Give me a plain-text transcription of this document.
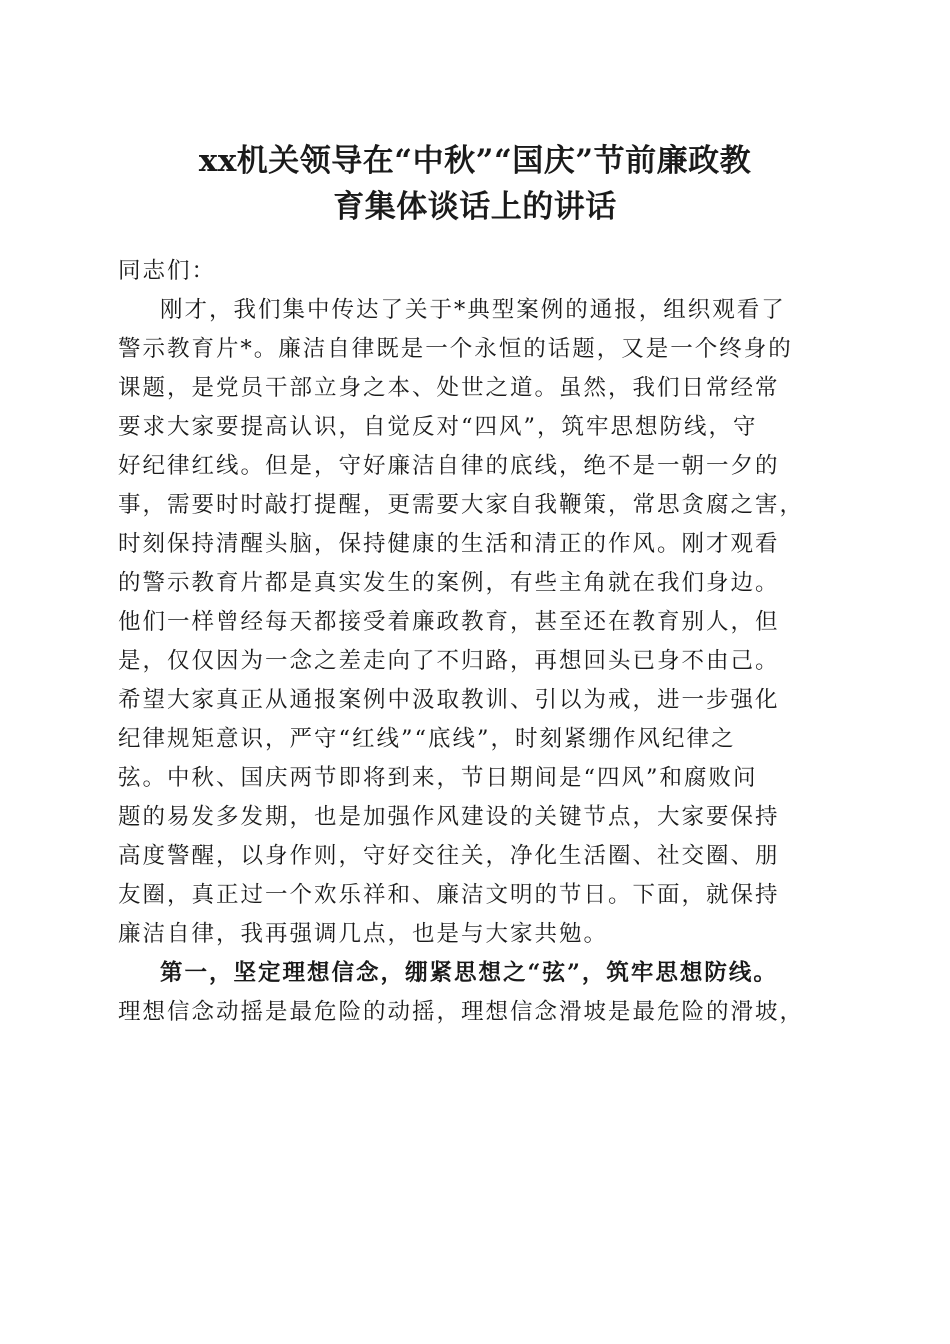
xx机关领导在“中秋”“国庆”节前廉政教
育集体谈话上的讲话
同志们：
刚才，我们集中传达了关于*典型案例的通报，组织观看了
警示教育片*。廉洁自律既是一个永恒的话题，又是一个终身的
课题，是党员干部立身之本、处世之道。虽然，我们日常经常
要求大家要提高认识，自觉反对“四风”，筑牢思想防线，守
好纪律红线。但是，守好廉洁自律的底线，绝不是一朝一夕的
事，需要时时敲打提醒，更需要大家自我鞭策，常思贪腐之害，
时刻保持清醒头脑，保持健康的生活和清正的作风。刚才观看
的警示教育片都是真实发生的案例，有些主角就在我们身边。
他们一样曾经每天都接受着廉政教育，甚至还在教育别人，但
是，仅仅因为一念之差走向了不归路，再想回头已身不由己。
希望大家真正从通报案例中汲取教训、引以为戒，进一步强化
纪律规矩意识，严守“红线”“底线”，时刻紧绷作风纪律之
弦。中秋、国庆两节即将到来，节日期间是“四风”和腐败问
题的易发多发期，也是加强作风建设的关键节点，大家要保持
高度警醒，以身作则，守好交往关，净化生活圈、社交圈、朋
友圈，真正过一个欢乐祥和、廉洁文明的节日。下面，就保持
廉洁自律，我再强调几点，也是与大家共勉。
第一，坚定理想信念，绷紧思想之“弦”，筑牢思想防线。
理想信念动摇是最危险的动摇，理想信念滑坡是最危险的滑坡，
